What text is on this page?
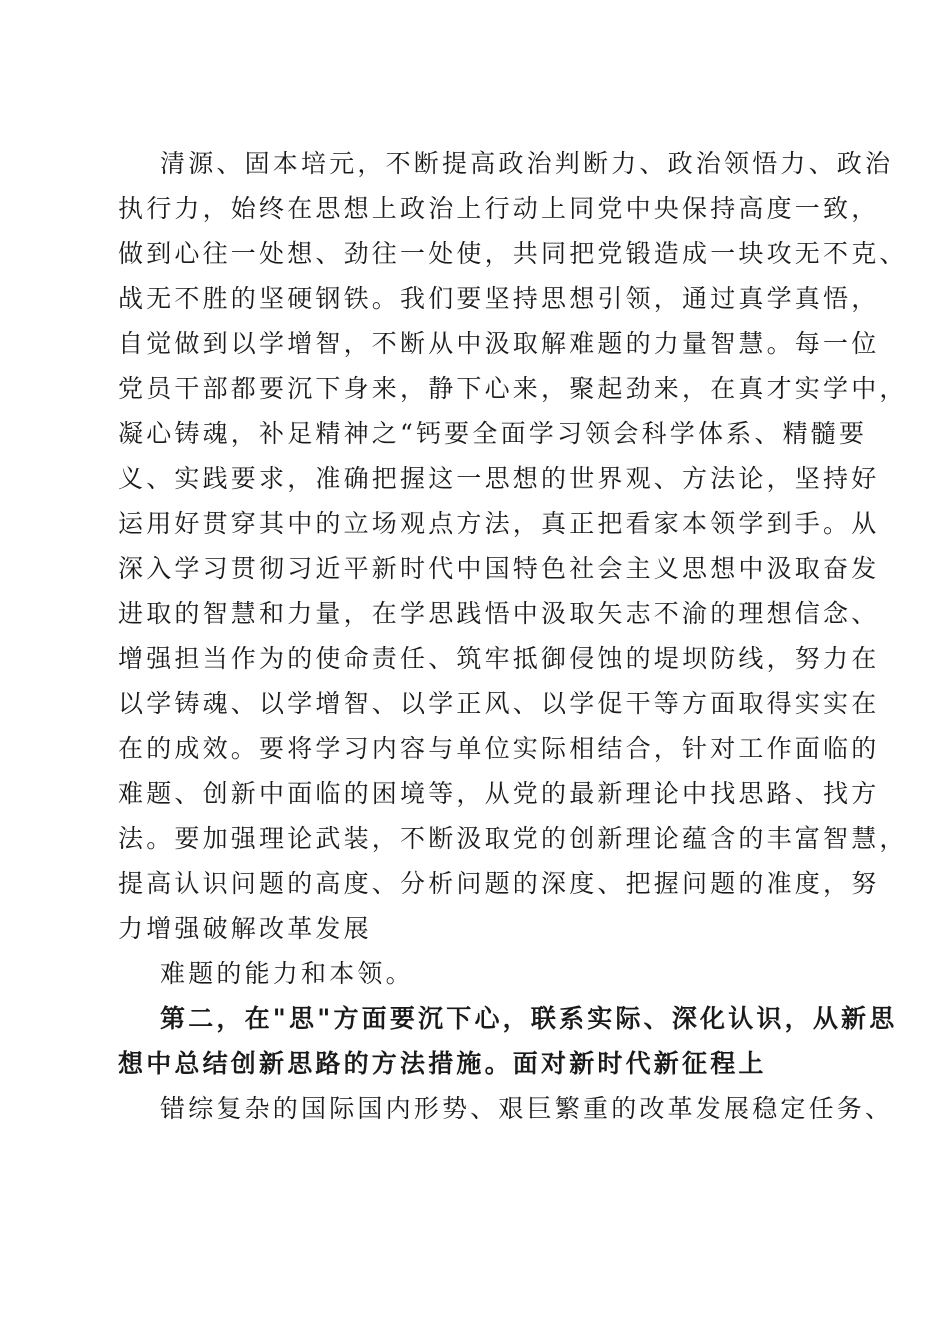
清源、固本培元，不断提高政治判断力、政治领悟力、政治
执行力，始终在思想上政治上行动上同党中央保持高度一致，
做到心往一处想、劲往一处使，共同把党锻造成一块攻无不克、
战无不胜的坚硬钢铁。我们要坚持思想引领，通过真学真悟，
自觉做到以学增智，不断从中汲取解难题的力量智慧。每一位
党员干部都要沉下身来，静下心来，聚起劲来，在真才实学中，
凝心铸魂，补足精神之“钙要全面学习领会科学体系、精髓要
义、实践要求，准确把握这一思想的世界观、方法论，坚持好
运用好贯穿其中的立场观点方法，真正把看家本领学到手。从
深入学习贯彻习近平新时代中国特色社会主义思想中汲取奋发
进取的智慧和力量，在学思践悟中汲取矢志不渝的理想信念、
增强担当作为的使命责任、筑牢抵御侵蚀的堤坝防线，努力在
以学铸魂、以学增智、以学正风、以学促干等方面取得实实在
在的成效。要将学习内容与单位实际相结合，针对工作面临的
难题、创新中面临的困境等，从党的最新理论中找思路、找方
法。要加强理论武装，不断汲取党的创新理论蕴含的丰富智慧，
提高认识问题的高度、分析问题的深度、把握问题的准度，努
力增强破解改革发展
难题的能力和本领。
第二，在"思"方面要沉下心，联系实际、深化认识，从新思
想中总结创新思路的方法措施。面对新时代新征程上
错综复杂的国际国内形势、艰巨繁重的改革发展稳定任务、
